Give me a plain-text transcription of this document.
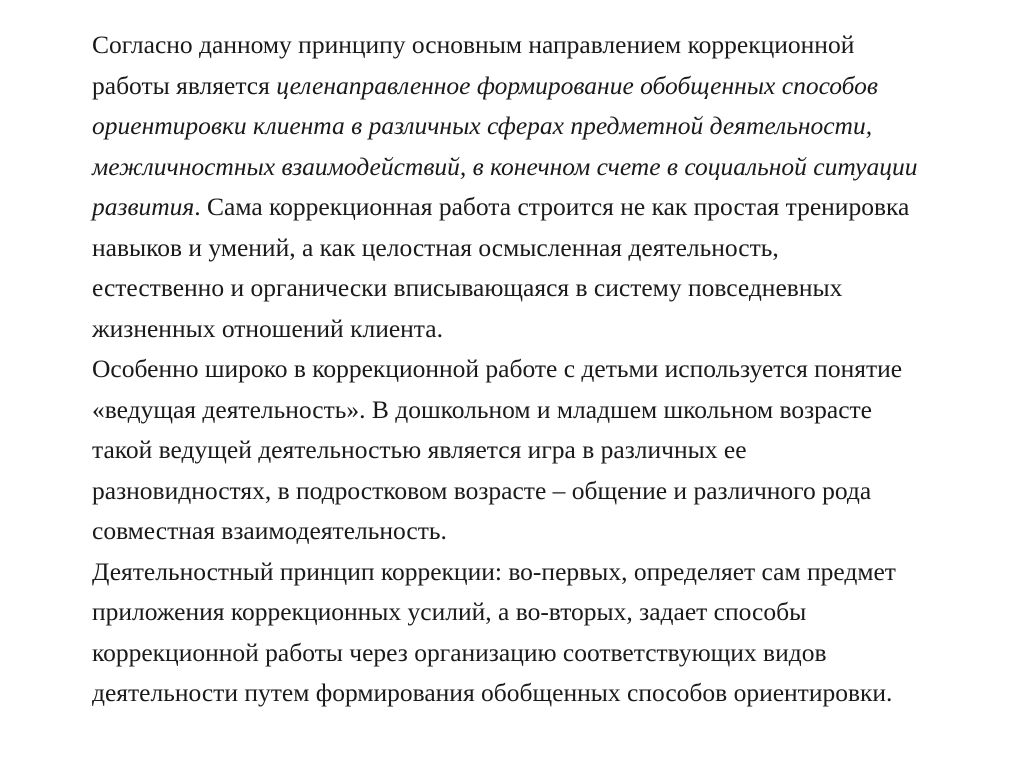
Согласно данному принципу основным направлением коррекционной
работы является целенаправленное формирование обобщенных способов
ориентировки клиента в различных сферах предметной деятельности,
межличностных взаимодействий, в конечном счете в социальной ситуации
развития. Сама коррекционная работа строится не как простая тренировка
навыков и умений, а как целостная осмысленная деятельность,
естественно и органически вписывающаяся в систему повседневных
жизненных отношений клиента.
Особенно широко в коррекционной работе с детьми используется понятие
«ведущая деятельность». В дошкольном и младшем школьном возрасте
такой ведущей деятельностью является игра в различных ее
разновидностях, в подростковом возрасте – общение и различного рода
совместная взаимодеятельность.
Деятельностный принцип коррекции: во-первых, определяет сам предмет
приложения коррекционных усилий, а во-вторых, задает способы
коррекционной работы через организацию соответствующих видов
деятельности путем формирования обобщенных способов ориентировки.
